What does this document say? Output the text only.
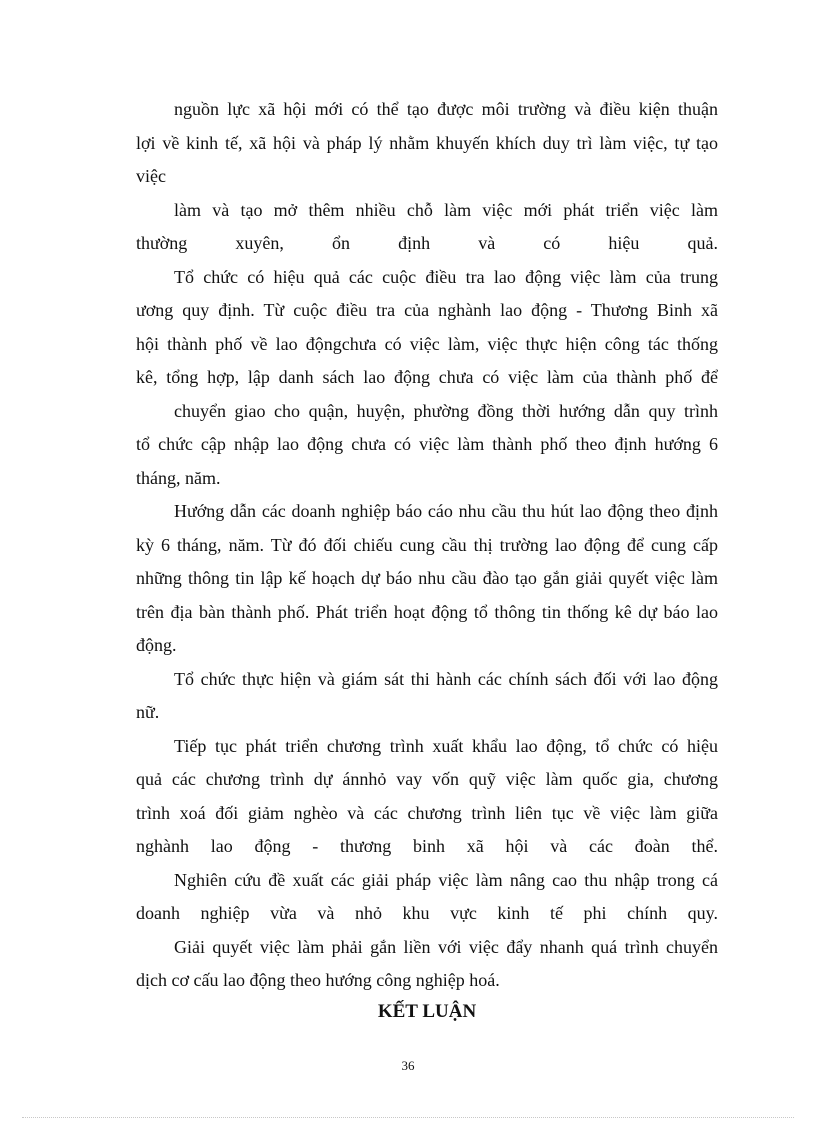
nguồn lực xã hội mới có thể tạo được môi trường và điều kiện thuận
lợi về kinh tế, xã hội và pháp lý nhằm khuyến khích duy trì làm việc, tự tạo
việc
làm và tạo mở thêm nhiều chỗ làm việc mới phát triển việc làm
thường xuyên, ổn định và có hiệu quả.
Tổ chức có hiệu quả các cuộc điều tra lao động việc làm của trung
ương quy định. Từ cuộc điều tra của nghành lao động - Thương Binh xã
hội thành phố về lao độngchưa có việc làm, việc thực hiện công tác thống
kê, tổng hợp, lập danh sách lao động chưa có việc làm của thành phố để
chuyển giao cho quận, huyện, phường đồng thời hướng dẫn quy trình
tổ chức cập nhập lao động chưa có việc làm thành phố theo định hướng 6
tháng, năm.
Hướng dẫn các doanh nghiệp báo cáo nhu cầu thu hút lao động theo định
kỳ 6 tháng, năm. Từ đó đối chiếu cung cầu thị trường lao động để cung cấp
những thông tin lập kế hoạch dự báo nhu cầu đào tạo gắn giải quyết việc làm
trên địa bàn thành phố. Phát triển hoạt động tổ thông tin thống kê dự báo lao
động.
Tổ chức thực hiện và giám sát thi hành các chính sách đối với lao động
nữ.
Tiếp tục phát triển chương trình xuất khẩu lao động, tổ chức có hiệu
quả các chương trình dự ánnhỏ vay vốn quỹ việc làm quốc gia, chương
trình xoá đối giảm nghèo và các chương trình liên tục về việc làm giữa
nghành lao động - thương binh xã hội và các đoàn thể.
Nghiên cứu đề xuất các giải pháp việc làm nâng cao thu nhập trong cá
doanh nghiệp vừa và nhỏ khu vực kinh tế phi chính quy.
Giải quyết việc làm phải gắn liền với việc đẩy nhanh quá trình chuyển
dịch cơ cấu lao động theo hướng công nghiệp hoá.
KẾT LUẬN
36
